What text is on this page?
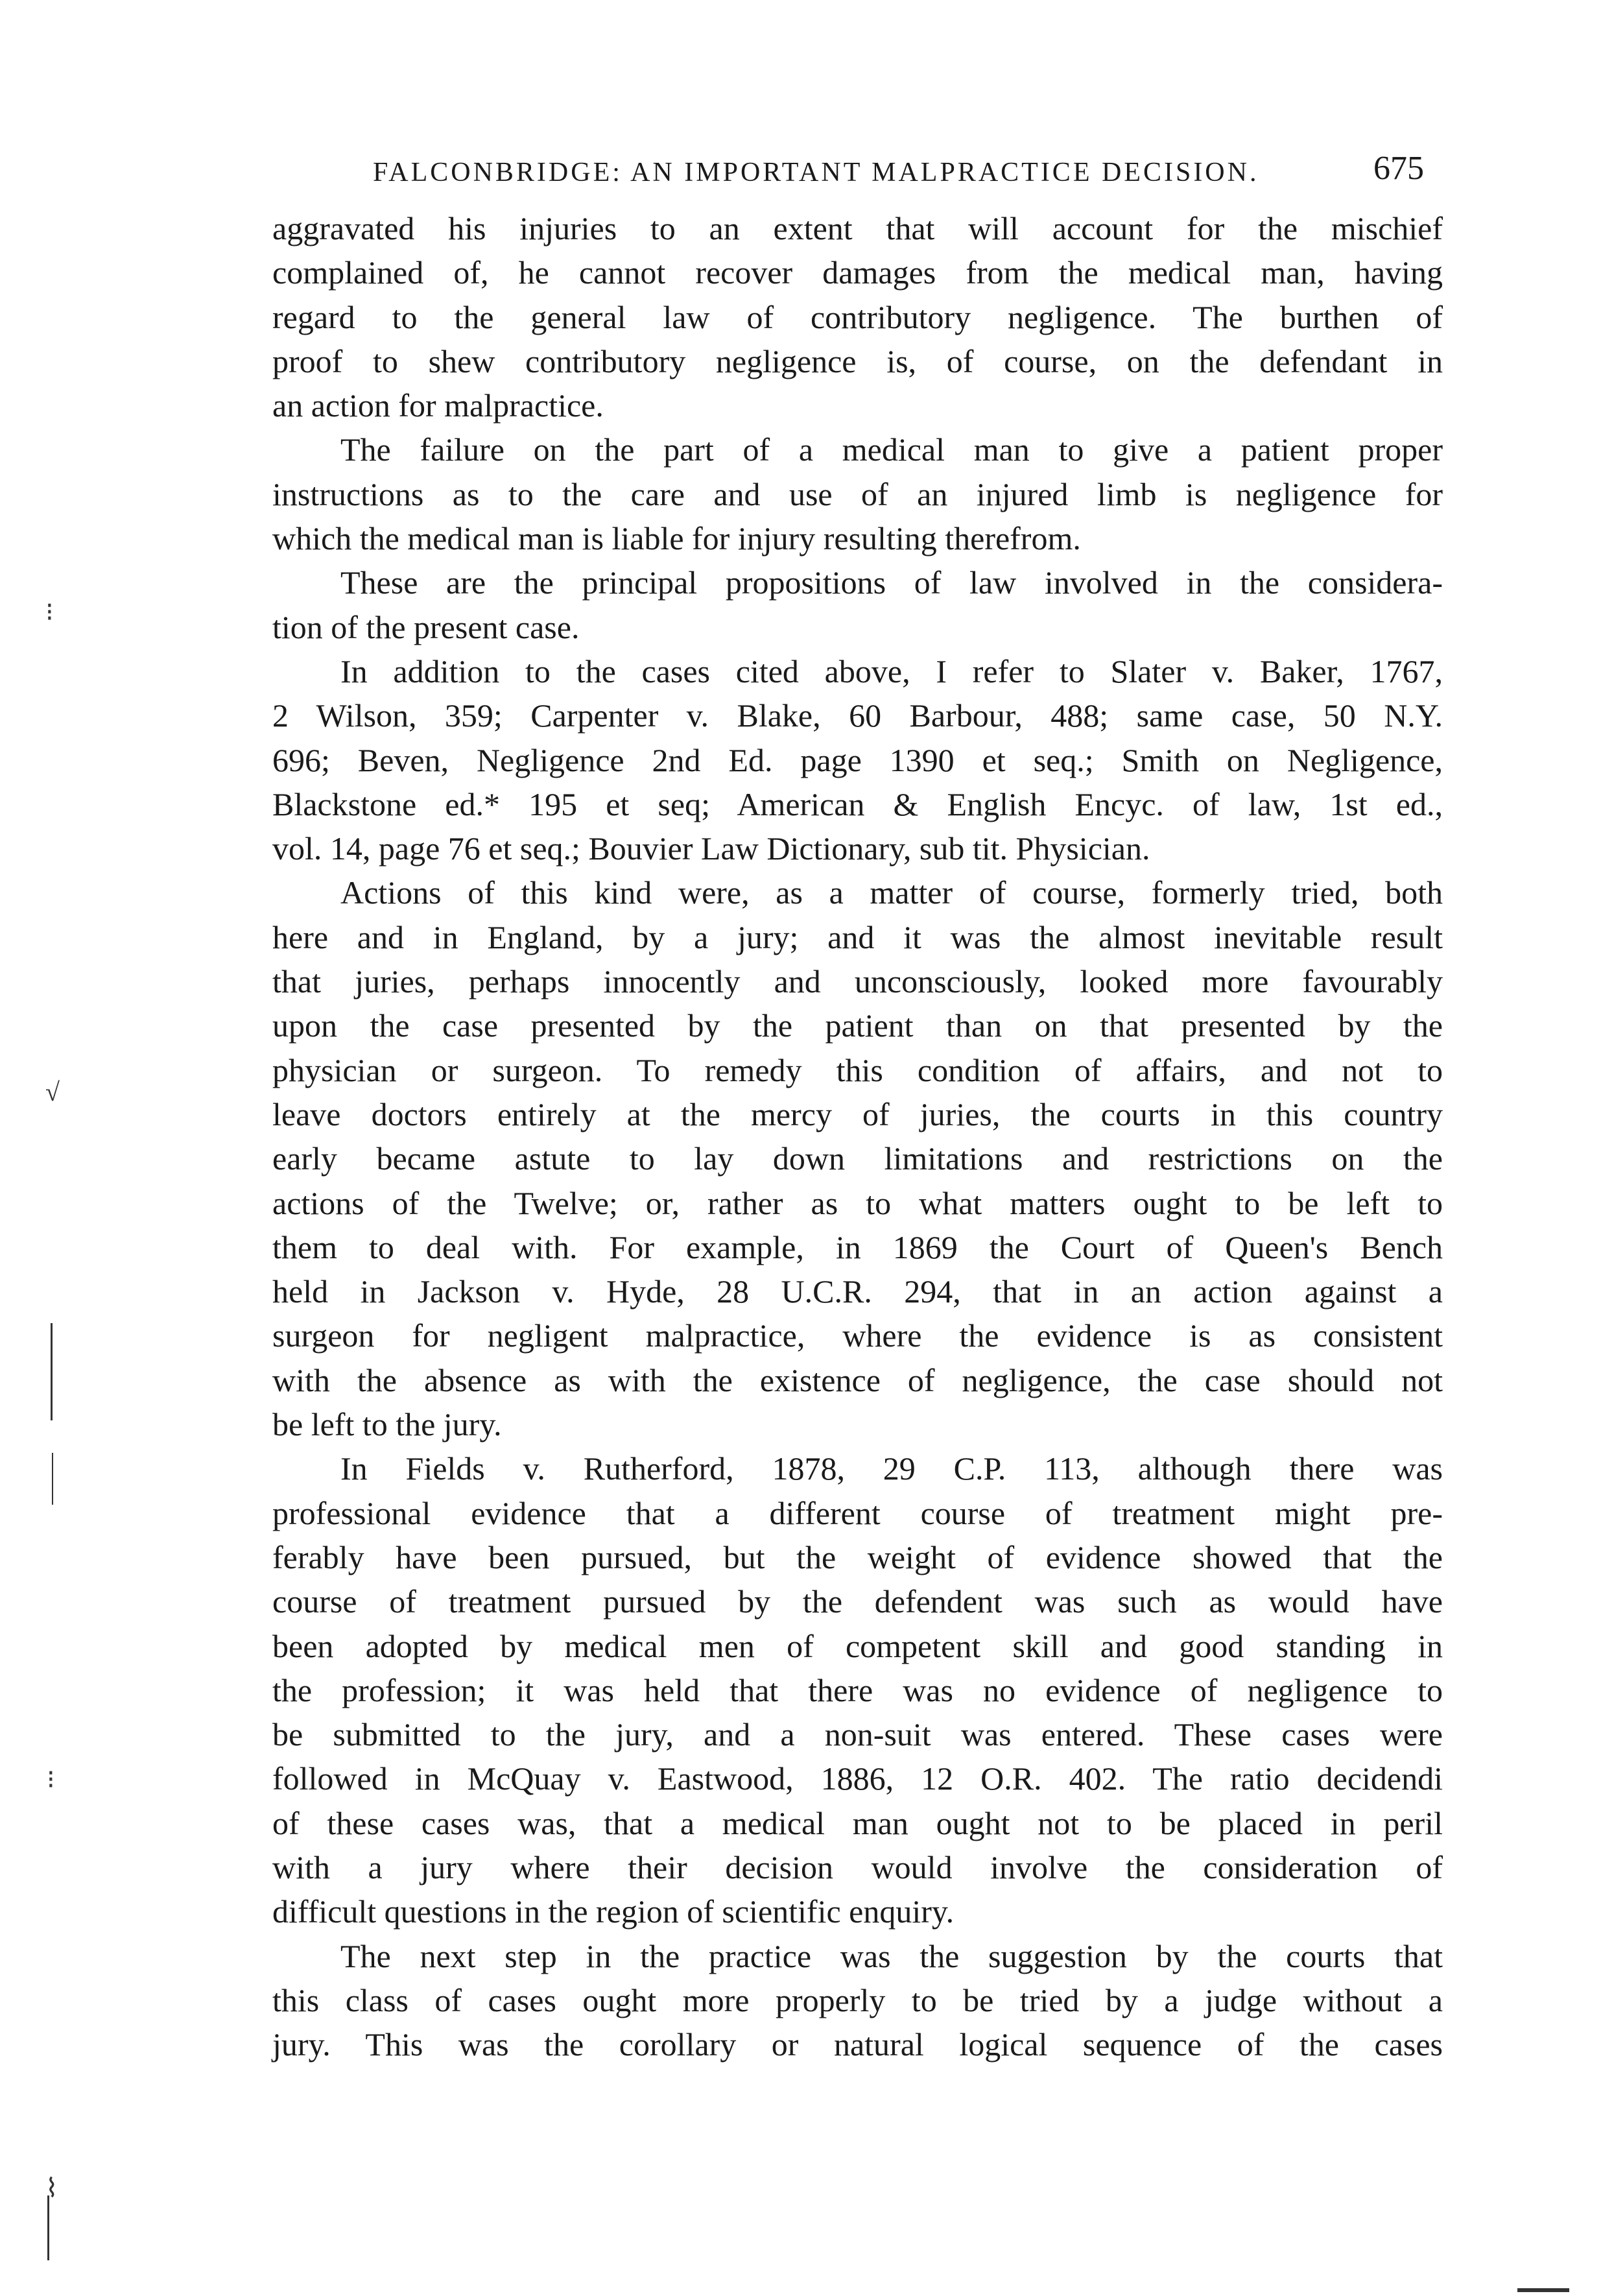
FALCONBRIDGE: AN IMPORTANT MALPRACTICE DECISION.	675
aggravated his injuries to an extent that will account for the mischief
complained of, he cannot recover damages from the medical man, having
regard to the general law of contributory negligence. The burthen of
proof to shew contributory negligence is, of course, on the defendant in
an action for malpractice.
The failure on the part of a medical man to give a patient proper
instructions as to the care and use of an injured limb is negligence for
which the medical man is liable for injury resulting therefrom.
These are the principal propositions of law involved in the considera-
tion of the present case.
In addition to the cases cited above, I refer to Slater v. Baker, 1767,
2 Wilson, 359; Carpenter v. Blake, 60 Barbour, 488; same case, 50 N.Y.
696; Beven, Negligence 2nd Ed. page 1390 et seq.; Smith on Negligence,
Blackstone ed.* 195 et seq; American & English Encyc. of law, 1st ed.,
vol. 14, page 76 et seq.; Bouvier Law Dictionary, sub tit. Physician.
Actions of this kind were, as a matter of course, formerly tried, both
here and in England, by a jury; and it was the almost inevitable result
that juries, perhaps innocently and unconsciously, looked more favourably
upon the case presented by the patient than on that presented by the
physician or surgeon. To remedy this condition of affairs, and not to
leave doctors entirely at the mercy of juries, the courts in this country
early became astute to lay down limitations and restrictions on the
actions of the Twelve; or, rather as to what matters ought to be left to
them to deal with. For example, in 1869 the Court of Queen's Bench
held in Jackson v. Hyde, 28 U.C.R. 294, that in an action against a
surgeon for negligent malpractice, where the evidence is as consistent
with the absence as with the existence of negligence, the case should not
be left to the jury.
In Fields v. Rutherford, 1878, 29 C.P. 113, although there was
professional evidence that a different course of treatment might pre-
ferably have been pursued, but the weight of evidence showed that the
course of treatment pursued by the defendent was such as would have
been adopted by medical men of competent skill and good standing in
the profession; it was held that there was no evidence of negligence to
be submitted to the jury, and a non-suit was entered. These cases were
followed in McQuay v. Eastwood, 1886, 12 O.R. 402. The ratio decidendi
of these cases was, that a medical man ought not to be placed in peril
with a jury where their decision would involve the consideration of
difficult questions in the region of scientific enquiry.
The next step in the practice was the suggestion by the courts that
this class of cases ought more properly to be tried by a judge without a
jury. This was the corollary or natural logical sequence of the cases
⁝
√
⁝
⌇
